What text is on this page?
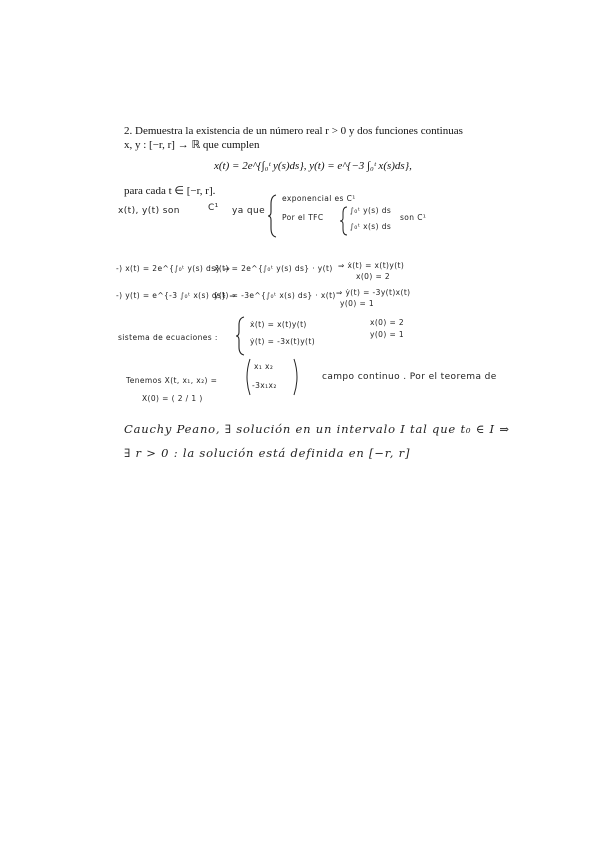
2. Demuestra la existencia de un número real r > 0 y dos funciones continuas

x, y : [−r, r] → ℝ que cumplen

x(t) = 2e^{∫₀ᵗ y(s)ds}, y(t) = e^{−3 ∫₀ᵗ x(s)ds},
para cada t ∈ [−r, r].
x(t), y(t) son	C¹ ya que
exponencial es C¹
Por el TFC
∫₀ᵗ y(s) ds
∫₀ᵗ x(s) ds
son C¹
-) x(t) = 2e^{∫₀ᵗ y(s) ds} ⇒
ẋ(t) = 2e^{∫₀ᵗ y(s) ds} · y(t) ⇒ ẋ(t) = x(t)y(t)
x(0) = 2
-) y(t) = e^{-3 ∫₀ᵗ x(s) ds} ⇒
ẏ(t) = -3e^{∫₀ᵗ x(s) ds} · x(t) ⇒ ẏ(t) = -3y(t)x(t)
y(0) = 1
sistema de ecuaciones :
ẋ(t) = x(t)y(t)
ẏ(t) = -3x(t)y(t)
x(0) = 2
y(0) = 1
Tenemos X(t, x₁, x₂) =
x₁ x₂
-3x₁x₂
campo continuo . Por el teorema de
X(0) = ( 2 / 1 )
Cauchy Peano, ∃ solución en un intervalo I tal que t₀ ∈ I ⇒
∃ r > 0 : la solución está definida en [−r, r]
